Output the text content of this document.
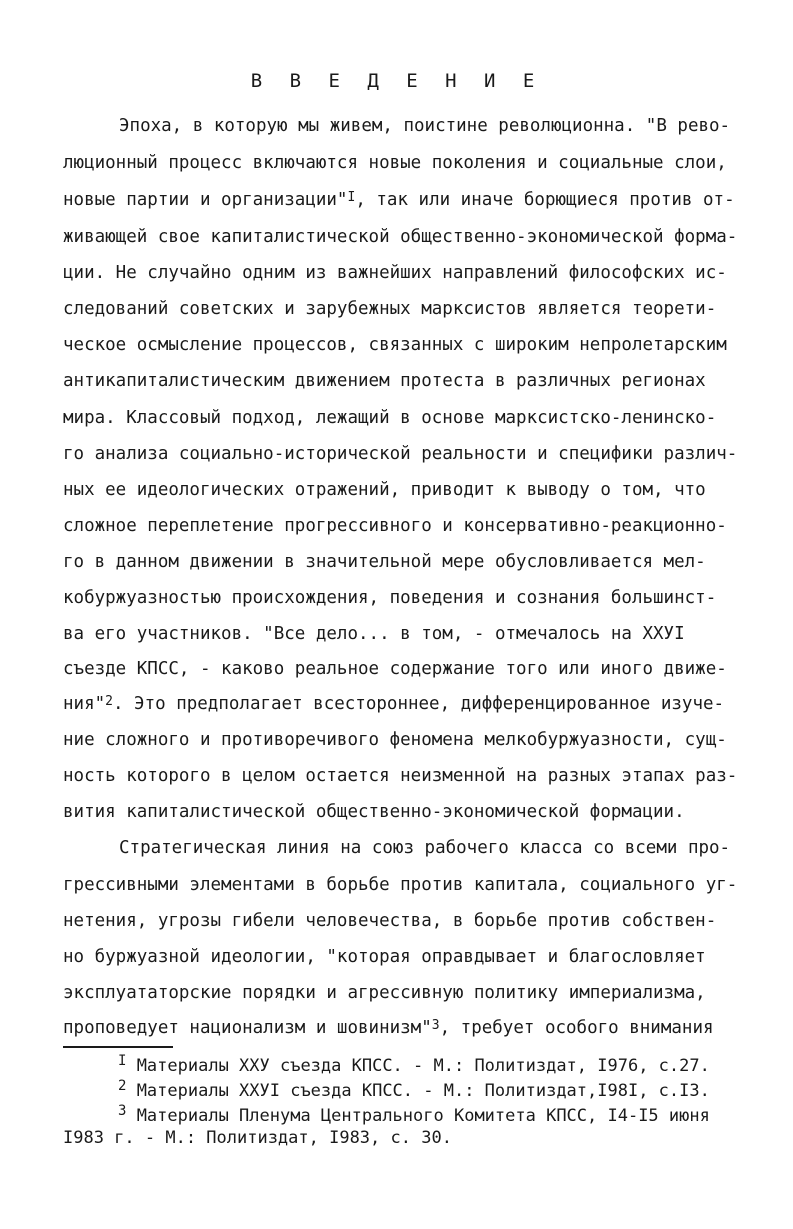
В В Е Д Е Н И Е
Эпоха, в которую мы живем, поистине революционна. "В рево-
люционный процесс включаются новые поколения и социальные слои,
новые партии и организации"$^I$, так или иначе борющиеся против от-
живающей свое капиталистической общественно-экономической форма-
ции. Не случайно одним из важнейших направлений философских ис-
следований советских и зарубежных марксистов является теорети-
ческое осмысление процессов, связанных с широким непролетарским
антикапиталистическим движением протеста в различных регионах
мира. Классовый подход, лежащий в основе марксистско-ленинско-
го анализа социально-исторической реальности и специфики различ-
ных ее идеологических отражений, приводит к выводу о том, что
сложное переплетение прогрессивного и консервативно-реакционно-
го в данном движении в значительной мере обусловливается мел-
кобуржуазностью происхождения, поведения и сознания большинст-
ва его участников. "Все дело... в том, - отмечалось на ХХУI
съезде КПСС, - каково реальное содержание того или иного движе-
ния"$^2$. Это предполагает всестороннее, дифференцированное изуче-
ние сложного и противоречивого феномена мелкобуржуазности, сущ-
ность которого в целом остается неизменной на разных этапах раз-
вития капиталистической общественно-экономической формации.
Стратегическая линия на союз рабочего класса со всеми про-
грессивными элементами в борьбе против капитала, социального уг-
нетения, угрозы гибели человечества, в борьбе против собствен-
но буржуазной идеологии, "которая оправдывает и благословляет
эксплуататорские порядки и агрессивную политику империализма,
проповедует национализм и шовинизм"$^3$, требует особого внимания
$^I$ Материалы ХХУ съезда КПСС. - М.: Политиздат, I976, с.27.
$^2$ Материалы ХХУI съезда КПСС. - М.: Политиздат,I98I, с.I3.
$^3$ Материалы Пленума Центрального Комитета КПСС, I4-I5 июня
I983 г. - М.: Политиздат, I983, с. 30.
